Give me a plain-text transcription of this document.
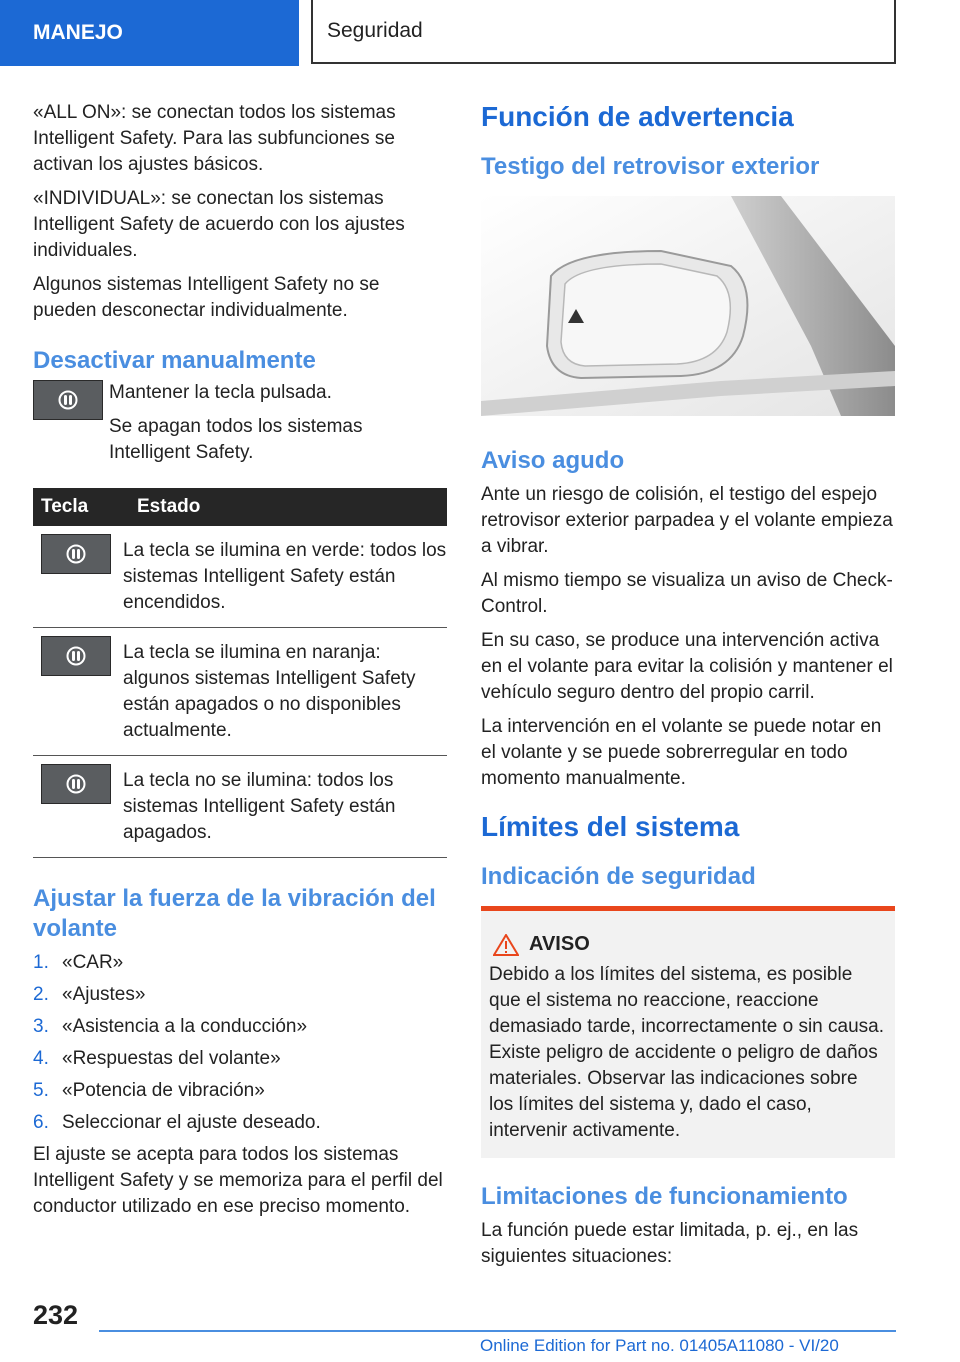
MANEJO	Seguridad

«ALL ON»: se conectan todos los sistemas Intelligent Safety. Para las subfunciones se activan los ajustes básicos.

«INDIVIDUAL»: se conectan los sistemas Intelligent Safety de acuerdo con los ajustes individuales.

Algunos sistemas Intelligent Safety no se pueden desconectar individualmente.

Desactivar manualmente

Mantener la tecla pulsada.

Se apagan todos los sistemas Intelligent Safety.

Tecla	Estado

	La tecla se ilumina en verde: todos los sistemas Intelligent Safety están encendidos.

	La tecla se ilumina en naranja: algunos sistemas Intelligent Safety están apagados o no disponibles actualmente.

	La tecla no se ilumina: todos los sistemas Intelligent Safety están apagados.
Ajustar la fuerza de la vibración del volante
1. «CAR»
2. «Ajustes»
3. «Asistencia a la conducción»
4. «Respuestas del volante»
5. «Potencia de vibración»
6. Seleccionar el ajuste deseado.

El ajuste se acepta para todos los sistemas Intelligent Safety y se memoriza para el perfil del conductor utilizado en ese preciso momento.

Función de advertencia
Testigo del retrovisor exterior
Aviso agudo

Ante un riesgo de colisión, el testigo del espejo retrovisor exterior parpadea y el volante empieza a vibrar.

Al mismo tiempo se visualiza un aviso de Check-Control.

En su caso, se produce una intervención activa en el volante para evitar la colisión y mantener el vehículo seguro dentro del propio carril.

La intervención en el volante se puede notar en el volante y se puede sobrerregular en todo momento manualmente.

Límites del sistema
Indicación de seguridad
AVISO

Debido a los límites del sistema, es posible que el sistema no reaccione, reaccione demasiado tarde, incorrectamente o sin causa. Existe peligro de accidente o peligro de daños materiales. Observar las indicaciones sobre los límites del sistema y, dado el caso, intervenir activamente.

Limitaciones de funcionamiento

La función puede estar limitada, p. ej., en las siguientes situaciones:

232
Online Edition for Part no. 01405A11080 - VI/20
